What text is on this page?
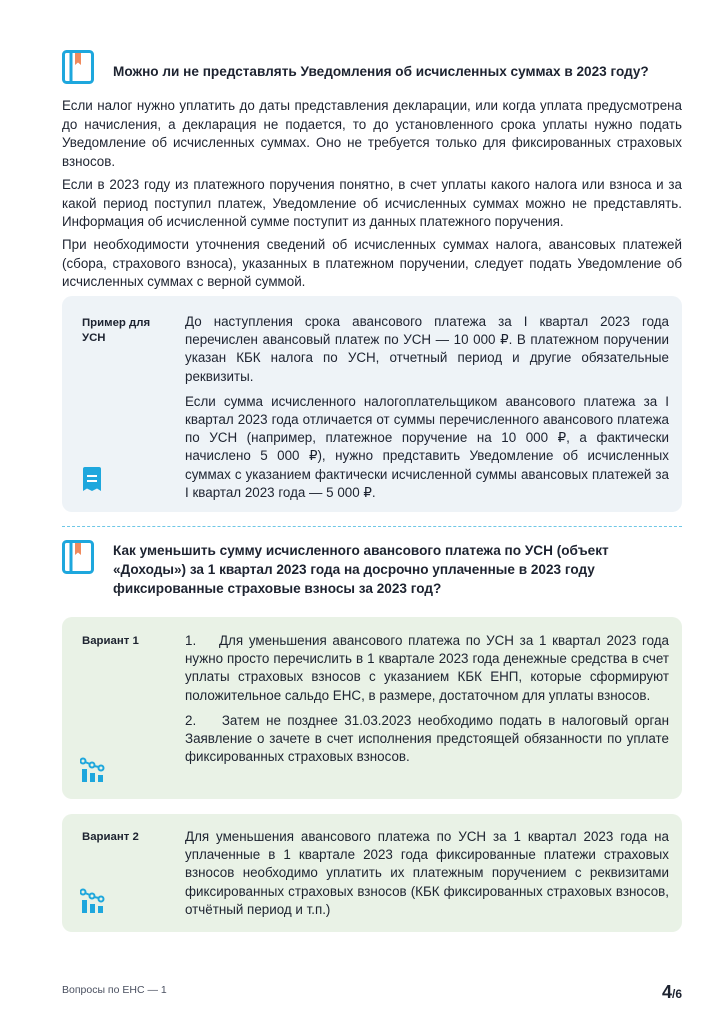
Можно ли не представлять Уведомления об исчисленных суммах в 2023 году?

Если налог нужно уплатить до даты представления декларации, или когда уплата предусмотрена до начисления, а декларация не подается, то до установленного срока уплаты нужно подать Уведомление об исчисленных суммах. Оно не требуется только для фиксированных страховых взносов.

Если в 2023 году из платежного поручения понятно, в счет уплаты какого налога или взноса и за какой период поступил платеж, Уведомление об исчисленных суммах можно не представлять. Информация об исчисленной сумме поступит из данных платежного поручения.

При необходимости уточнения сведений об исчисленных суммах налога, авансовых платежей (сбора, страхового взноса), указанных в платежном поручении, следует подать Уведомление об исчисленных суммах с верной суммой.

Пример для УСН

До наступления срока авансового платежа за I квартал 2023 года перечислен авансовый платеж по УСН — 10 000 ₽. В платежном поручении указан КБК налога по УСН, отчетный период и другие обязательные реквизиты.

Если сумма исчисленного налогоплательщиком авансового платежа за I квартал 2023 года отличается от суммы перечисленного авансового платежа по УСН (например, платежное поручение на 10 000 ₽, а фактически начислено 5 000 ₽), нужно представить Уведомление об исчисленных суммах с указанием фактически исчисленной суммы авансовых платежей за I квартал 2023 года — 5 000 ₽.

Как уменьшить сумму исчисленного авансового платежа по УСН (объект «Доходы») за 1 квартал 2023 года на досрочно уплаченные в 2023 году фиксированные страховые взносы за 2023 год?
Вариант 1	1.    Для уменьшения авансового платежа по УСН за 1 квартал 2023 года нужно просто перечислить в 1 квартале 2023 года денежные средства в счет уплаты страховых взносов с указанием КБК ЕНП, которые сформируют положительное сальдо ЕНС, в размере, достаточном для уплаты взносов.

2.    Затем не позднее 31.03.2023 необходимо подать в налоговый орган Заявление о зачете в счет исполнения предстоящей обязанности по уплате фиксированных страховых взносов.

Вариант 2	Для уменьшения авансового платежа по УСН за 1 квартал 2023 года на уплаченные в 1 квартале 2023 года фиксированные платежи страховых взносов необходимо уплатить их платежным поручением с реквизитами фиксированных страховых взносов (КБК фиксированных страховых взносов, отчётный период и т.п.)

Вопросы по ЕНС — 1	4/6
